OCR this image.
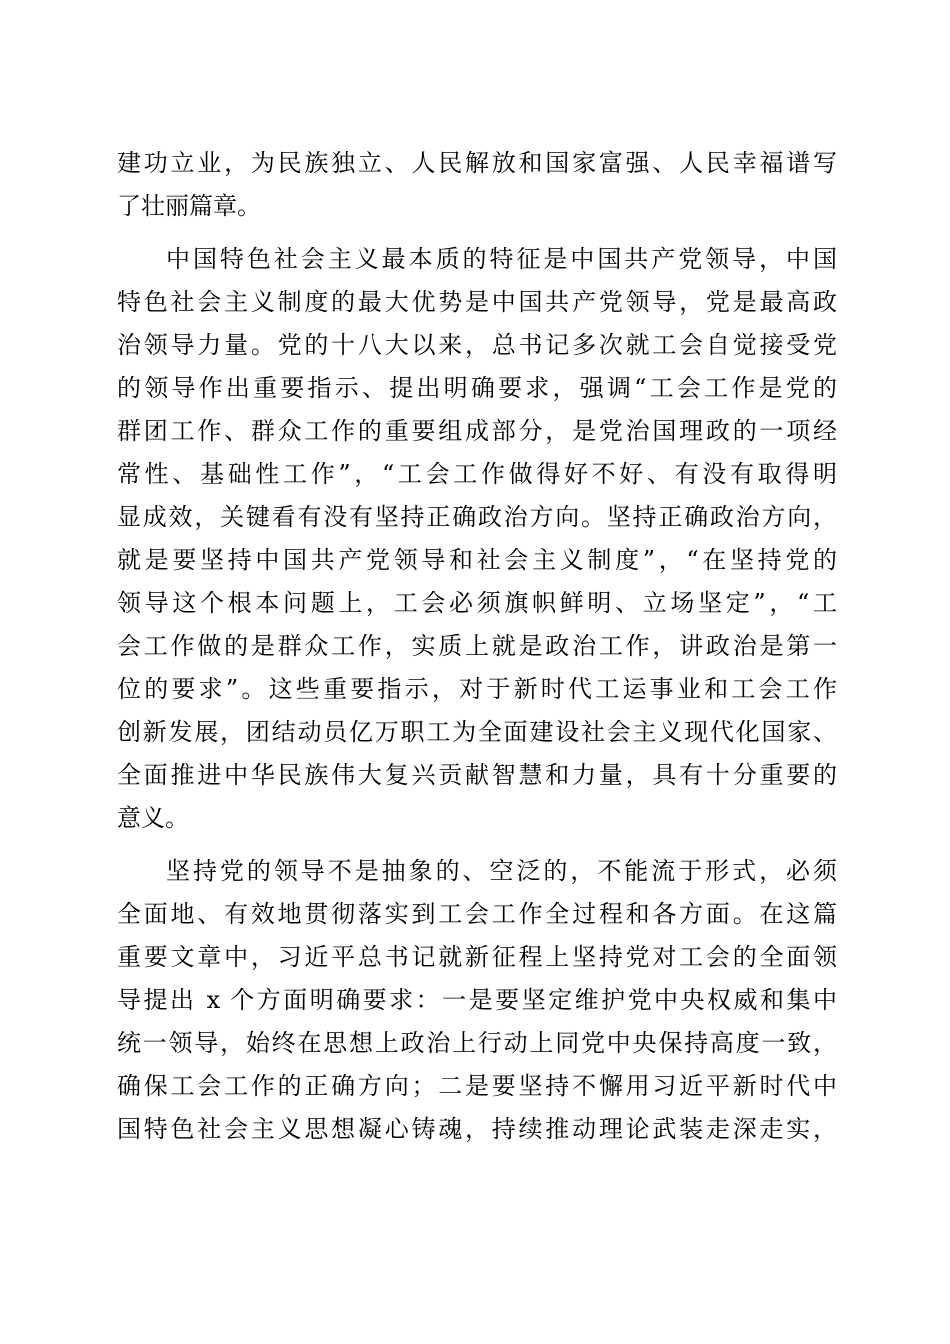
建功立业，为民族独立、人民解放和国家富强、人民幸福谱写
了壮丽篇章。
中国特色社会主义最本质的特征是中国共产党领导，中国
特色社会主义制度的最大优势是中国共产党领导，党是最高政
治领导力量。党的十八大以来，总书记多次就工会自觉接受党
的领导作出重要指示、提出明确要求，强调“工会工作是党的
群团工作、群众工作的重要组成部分，是党治国理政的一项经
常性、基础性工作”，“工会工作做得好不好、有没有取得明
显成效，关键看有没有坚持正确政治方向。坚持正确政治方向，
就是要坚持中国共产党领导和社会主义制度”，“在坚持党的
领导这个根本问题上，工会必须旗帜鲜明、立场坚定”，“工
会工作做的是群众工作，实质上就是政治工作，讲政治是第一
位的要求”。这些重要指示，对于新时代工运事业和工会工作
创新发展，团结动员亿万职工为全面建设社会主义现代化国家、
全面推进中华民族伟大复兴贡献智慧和力量，具有十分重要的
意义。
坚持党的领导不是抽象的、空泛的，不能流于形式，必须
全面地、有效地贯彻落实到工会工作全过程和各方面。在这篇
重要文章中，习近平总书记就新征程上坚持党对工会的全面领
导提出 x 个方面明确要求：一是要坚定维护党中央权威和集中
统一领导，始终在思想上政治上行动上同党中央保持高度一致，
确保工会工作的正确方向；二是要坚持不懈用习近平新时代中
国特色社会主义思想凝心铸魂，持续推动理论武装走深走实，
